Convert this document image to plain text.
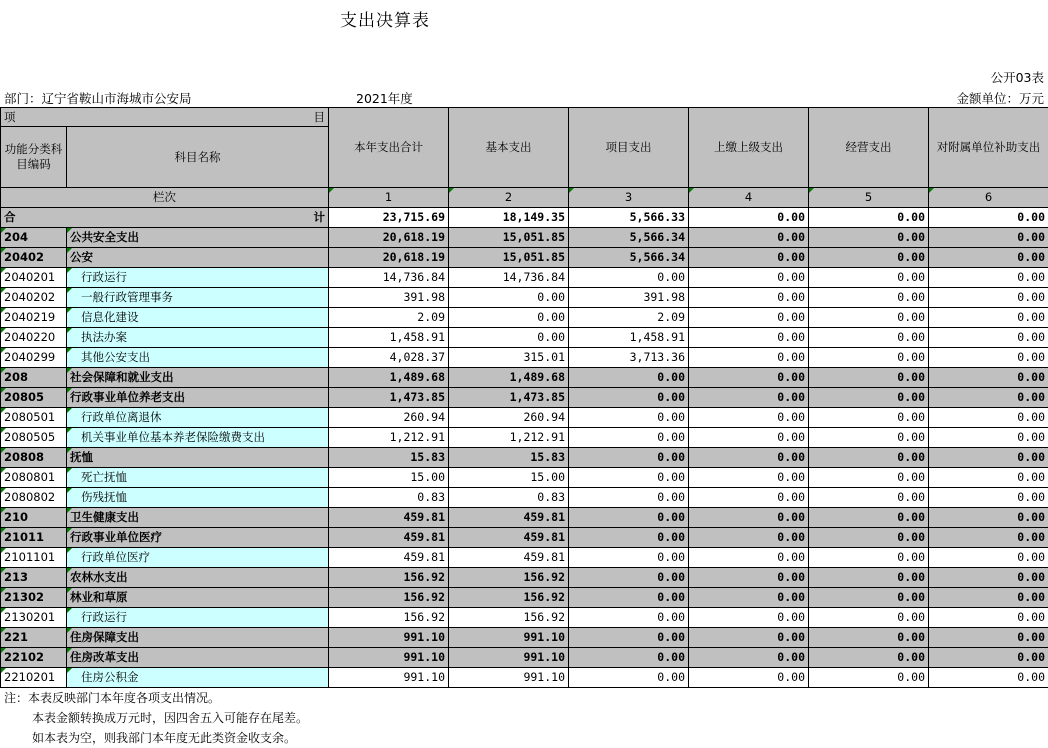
支出决算表
公开03表
部门：辽宁省鞍山市海城市公安局	2021年度	金额单位：万元
项 目		本年支出合计	基本支出	项目支出	上缴上级支出	经营支出	对附属单位补助支出
功能分类科目编码	科目名称						
栏次		1	2	3	4	5	6

合 计		23,715.69	18,149.35	5,566.33	0.00	0.00	0.00

204	公共安全支出	20,618.19	15,051.85	5,566.34	0.00	0.00	0.00

20402	公安	20,618.19	15,051.85	5,566.34	0.00	0.00	0.00

2040201	行政运行	14,736.84	14,736.84	0.00	0.00	0.00	0.00

2040202	一般行政管理事务	391.98	0.00	391.98	0.00	0.00	0.00

2040219	信息化建设	2.09	0.00	2.09	0.00	0.00	0.00

2040220	执法办案	1,458.91	0.00	1,458.91	0.00	0.00	0.00

2040299	其他公安支出	4,028.37	315.01	3,713.36	0.00	0.00	0.00

208	社会保障和就业支出	1,489.68	1,489.68	0.00	0.00	0.00	0.00

20805	行政事业单位养老支出	1,473.85	1,473.85	0.00	0.00	0.00	0.00

2080501	行政单位离退休	260.94	260.94	0.00	0.00	0.00	0.00

2080505	机关事业单位基本养老保险缴费支出	1,212.91	1,212.91	0.00	0.00	0.00	0.00

20808	抚恤	15.83	15.83	0.00	0.00	0.00	0.00

2080801	死亡抚恤	15.00	15.00	0.00	0.00	0.00	0.00

2080802	伤残抚恤	0.83	0.83	0.00	0.00	0.00	0.00

210	卫生健康支出	459.81	459.81	0.00	0.00	0.00	0.00

21011	行政事业单位医疗	459.81	459.81	0.00	0.00	0.00	0.00

2101101	行政单位医疗	459.81	459.81	0.00	0.00	0.00	0.00

213	农林水支出	156.92	156.92	0.00	0.00	0.00	0.00

21302	林业和草原	156.92	156.92	0.00	0.00	0.00	0.00

2130201	行政运行	156.92	156.92	0.00	0.00	0.00	0.00

221	住房保障支出	991.10	991.10	0.00	0.00	0.00	0.00

22102	住房改革支出	991.10	991.10	0.00	0.00	0.00	0.00

2210201	住房公积金	991.10	991.10	0.00	0.00	0.00	0.00
注：本表反映部门本年度各项支出情况。
本表金额转换成万元时，因四舍五入可能存在尾差。
如本表为空，则我部门本年度无此类资金收支余。
